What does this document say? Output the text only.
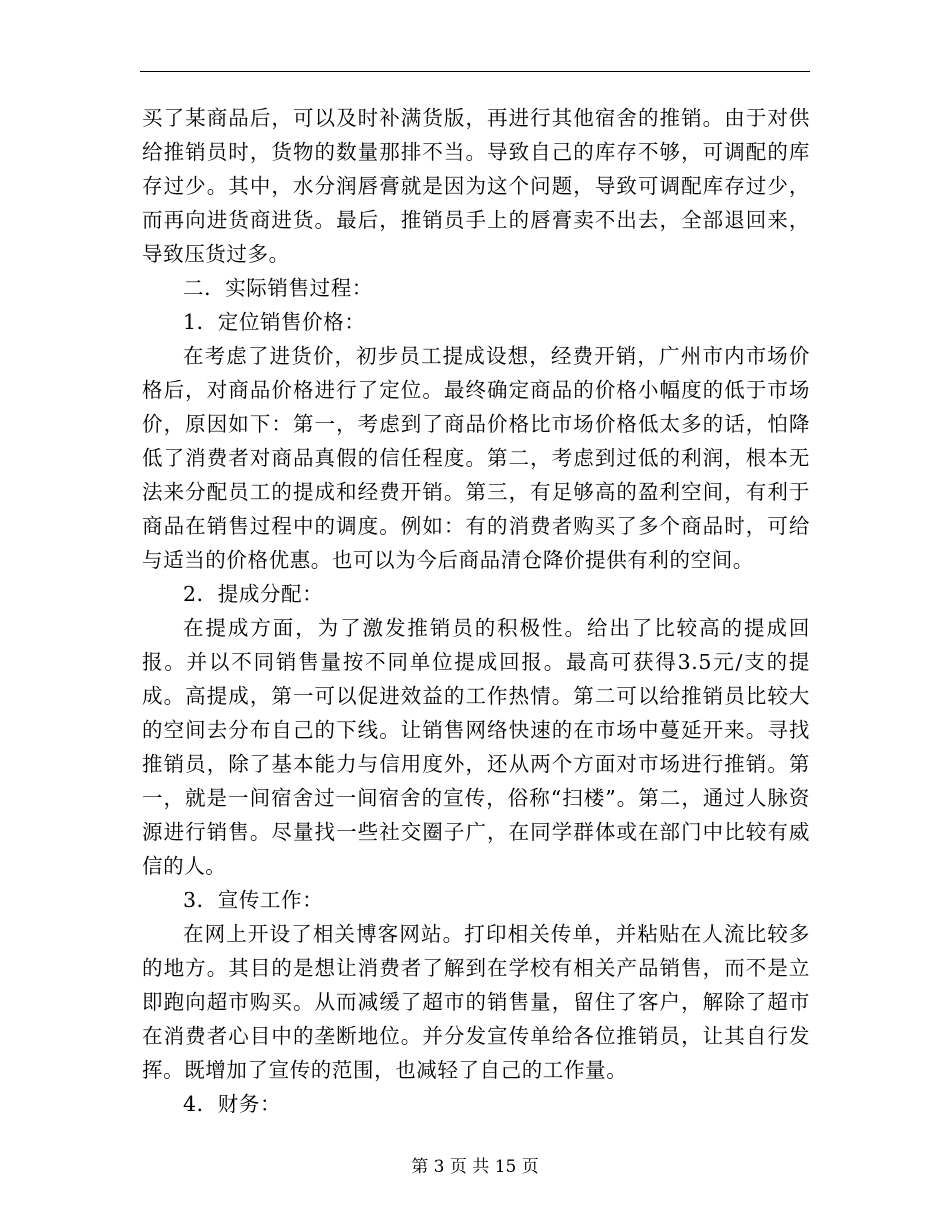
买了某商品后，可以及时补满货版，再进行其他宿舍的推销。由于对供给推销员时，货物的数量那排不当。导致自己的库存不够，可调配的库存过少。其中，水分润唇膏就是因为这个问题，导致可调配库存过少，而再向进货商进货。最后，推销员手上的唇膏卖不出去，全部退回来，导致压货过多。

二．实际销售过程：

1．定位销售价格：

在考虑了进货价，初步员工提成设想，经费开销，广州市内市场价格后，对商品价格进行了定位。最终确定商品的价格小幅度的低于市场价，原因如下：第一，考虑到了商品价格比市场价格低太多的话，怕降低了消费者对商品真假的信任程度。第二，考虑到过低的利润，根本无法来分配员工的提成和经费开销。第三，有足够高的盈利空间，有利于商品在销售过程中的调度。例如：有的消费者购买了多个商品时，可给与适当的价格优惠。也可以为今后商品清仓降价提供有利的空间。

2．提成分配：

在提成方面，为了激发推销员的积极性。给出了比较高的提成回报。并以不同销售量按不同单位提成回报。最高可获得3.5元/支的提成。高提成，第一可以促进效益的工作热情。第二可以给推销员比较大的空间去分布自己的下线。让销售网络快速的在市场中蔓延开来。寻找推销员，除了基本能力与信用度外，还从两个方面对市场进行推销。第一，就是一间宿舍过一间宿舍的宣传，俗称“扫楼”。第二，通过人脉资源进行销售。尽量找一些社交圈子广，在同学群体或在部门中比较有威信的人。

3．宣传工作：

在网上开设了相关博客网站。打印相关传单，并粘贴在人流比较多的地方。其目的是想让消费者了解到在学校有相关产品销售，而不是立即跑向超市购买。从而减缓了超市的销售量，留住了客户，解除了超市在消费者心目中的垄断地位。并分发宣传单给各位推销员，让其自行发挥。既增加了宣传的范围，也减轻了自己的工作量。

4．财务：

第 3 页 共 15 页
